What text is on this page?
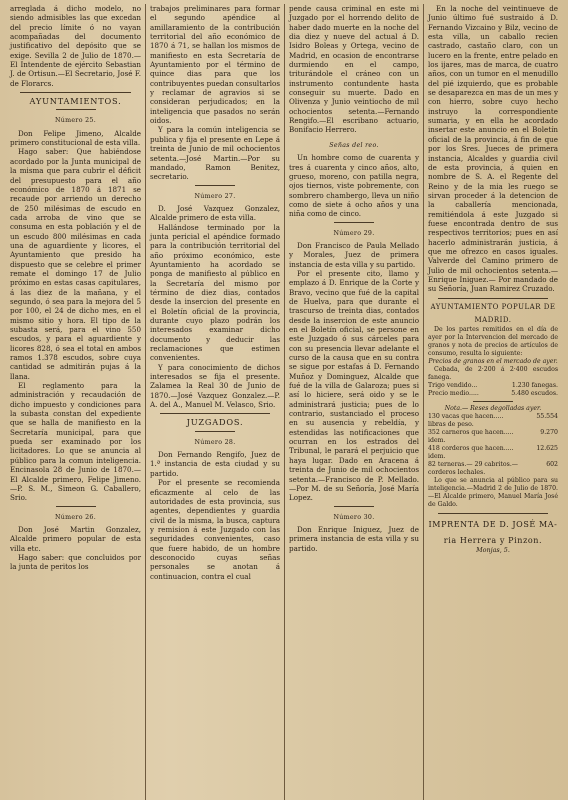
arreglada á dicho modelo, no siendo admisibles las que excedan del precio límite ó no vayan acompañadas del documento justificativo del depósito que se exige. Sevilla 2 de Julio de 1870.—El Intendente de ejército Sebastian J. de Ortisun.—El Secretario, José F. de Florarcs.

AYUNTAMIENTOS.
Número 25.

Don Felipe Jimeno, Alcalde primero constitucional de esta villa.

Hago saber: Que habiéndose acordado por la Junta municipal de la misma que para cubrir el déficit del presupuesto para el año económico de 1870 á 1871 se recaude por arriendo un derecho de 250 milésimas de escudo en cada arroba de vino que se consuma en esta población y el de un escudo 800 milésimas en cada una de aguardiente y licores, el Ayuntamiento que presido ha dispuesto que se celebre el primer remate el domingo 17 de Julio próximo en estas casas capitulares, á las diez de la mañana, y el segundo, ó sea para la mejora del 5 por 100, el 24 de dicho mes, en el mismo sitio y hora. El tipo de la subasta será, para el vino 550 escudos, y para el aguardiente y licores 828, ó sea el total en ambos ramos 1.378 escudos, sobre cuya cantidad se admitirán pujas á la llana.

El reglamento para la administración y recaudación de dicho impuesto y condiciones para la subasta constan del expediente que se halla de manifiesto en la Secretaría municipal, para que pueda ser examinado por los licitadores. Lo que se anuncia al público para la comun inteligencia. Encinasola 28 de Junio de 1870.—El Alcalde primero, Felipe Jimeno.—P. S. M., Simeon G. Caballero, Srio.

Número 26.

Don José Martin Gonzalez, Alcalde primero popular de esta villa etc.

Hago saber: que concluidos por la junta de peritos los

trabajos preliminares para formar el segundo apéndice al amillaramiento de la contribución territorial del año económico de 1870 á 71, se hallan los mismos de manifiesto en esta Secretaría de Ayuntamiento por el término de quince dias para que los contribuyentes puedan consultarlos y reclamar de agravios si se consideran perjudicados; en la inteligencia que pasados no serán oidos.

Y para la común inteligencia se publica y fija el presente en Lepe á treinta de Junio de mil ochocientos setenta.—José Martin.—Por su mandado, Ramon Benitez, secretario.

Número 27.

D. José Vazquez Gonzalez, Alcalde primero de esta villa.

Hallándose terminado por la junta pericial el apéndice formado para la contribución territorial del año próximo económico, este Ayuntamiento ha acordado se ponga de manifiesto al público en la Secretaría del mismo por término de diez dias, contados desde la insercion del presente en el Boletín oficial de la provincia, durante cuyo plazo podrán los interesados examinar dicho documento y deducir las reclamaciones que estimen convenientes.

Y para conocimiento de dichos interesados se fija el presente. Zalamea la Real 30 de Junio de 1870.—José Vazquez Gonzalez.—P. A. del A., Manuel M. Velasco, Srio.

JUZGADOS.
Número 28.

Don Fernando Rengifo, Juez de 1.ª instancia de esta ciudad y su partido.

Por el presente se recomienda eficazmente al celo de las autoridades de esta provincia, sus agentes, dependientes y guardia civil de la misma, la busca, captura y remision á este Juzgado con las seguridades convenientes, caso que fuere habido, de un hombre desconocido cuyas señas personales se anotan á continuacion, contra el cual

pende causa criminal en este mi Juzgado por el horrendo delito de haber dado muerte en la noche del dia diez y nueve del actual á D. Isidro Boleas y Ortega, vecino de Madrid, en ocasion de encontrarse durmiendo en el campo, triturándole el cráneo con un instrumento contundente hasta conseguir su muerte. Dado en Olivenza y Junio veintiocho de mil ochocientos setenta.—Fernando Rengifo.—El escribano actuario, Bonifacio Herrero.

Señas del reo.

Un hombre como de cuarenta y tres á cuarenta y cinco años, alto, grueso, moreno, con patilla negra, ojos tiernos, viste pobremente, con sombrero chambergo, lleva un niño como de siete á ocho años y una niña como de cinco.

Número 29.

Don Francisco de Paula Mellado y Morales, Juez de primera instancia de esta villa y su partido.

Por el presente cito, llamo y emplazo á D. Enrique de la Corte y Bravo, vecino que fué de la capital de Huelva, para que durante el trascurso de treinta dias, contados desde la insercion de este anuncio en el Boletín oficial, se persone en este Juzgado ó sus cárceles para con su presencia llevar adelante el curso de la causa que en su contra se sigue por estafas á D. Fernando Muñoz y Dominguez, Alcalde que fué de la villa de Galaroza; pues si así lo hiciere, será oido y se le administrará justicia; pues de lo contrario, sustanciado el proceso en su ausencia y rebeldía, y estendidas las notificaciones que ocurran en los estrados del Tribunal, le parará el perjuicio que haya lugar. Dado en Aracena á treinta de Junio de mil ochocientos setenta.—Francisco de P. Mellado.—Por M. de su Señoría, José María Lopez.

Número 30.

Don Enrique Iniguez, Juez de primera instancia de esta villa y su partido.

En la noche del veintinueve de Junio último fué sustraido á D. Fernando Vizcaino y Bilz, vecino de esta villa, un caballo recien castrado, castaño claro, con un lucero en la frente, entre pelado en los ijares, mas de marca, de cuatro años, con un tumor en el menudillo del pié izquierdo, que es probable se desaparezca en mas de un mes y con hierro, sobre cuyo hecho instruyo la correspondiente sumaria, y en ella he acordado insertar este anuncio en el Boletín oficial de la provincia, á fin de que por los Sres. Jueces de primera instancia, Alcaldes y guardia civil de esta provincia, á quien en nombre de S. A. el Regente del Reino y de la mia les ruego se sirvan proceder á la detencion de la caballería mencionada, remitiéndola á este Juzgado si fuese encontrada dentro de sus respectivos territorios; pues en así hacerlo administrarán justicia, á que me ofrezco en casos iguales. Valverde del Camino primero de Julio de mil ochocientos setenta.—Enrique Iniguez.— Por mandado de su Señoría, Juan Ramirez Cruzado.

AYUNTAMIENTO POPULAR DE
MADRID.

De los partes remitidos en el día de ayer por la Intervencion del mercado de granos y nota de precios de artículos de consumo, resulta lo siguiente:

Precios de granos en el mercado de ayer.

Cebada, de 2·200 á 2·400 escudos fanega.

Trigo vendido...	1.230 fanegas.
Precio medio.....	5.480 escudos.
Nota.— Reses degolladas ayer.
130 vacas que hacen.....	55.554
libras de peso.
352 carneros que hacen.....	9.270
idem.
418 corderos que hacen.....	12.625
idem.
82 terneras.— 29 cabritos.—	602
corderos lechales.

Lo que se anuncia al público para su inteligencia.—Madrid 2 de Julio de 1870.—El Alcalde primero, Manuel María José de Galdo.

IMPRENTA DE D. JOSÉ MA-
ria Herrera y Pinzon.
Monjas, 5.
